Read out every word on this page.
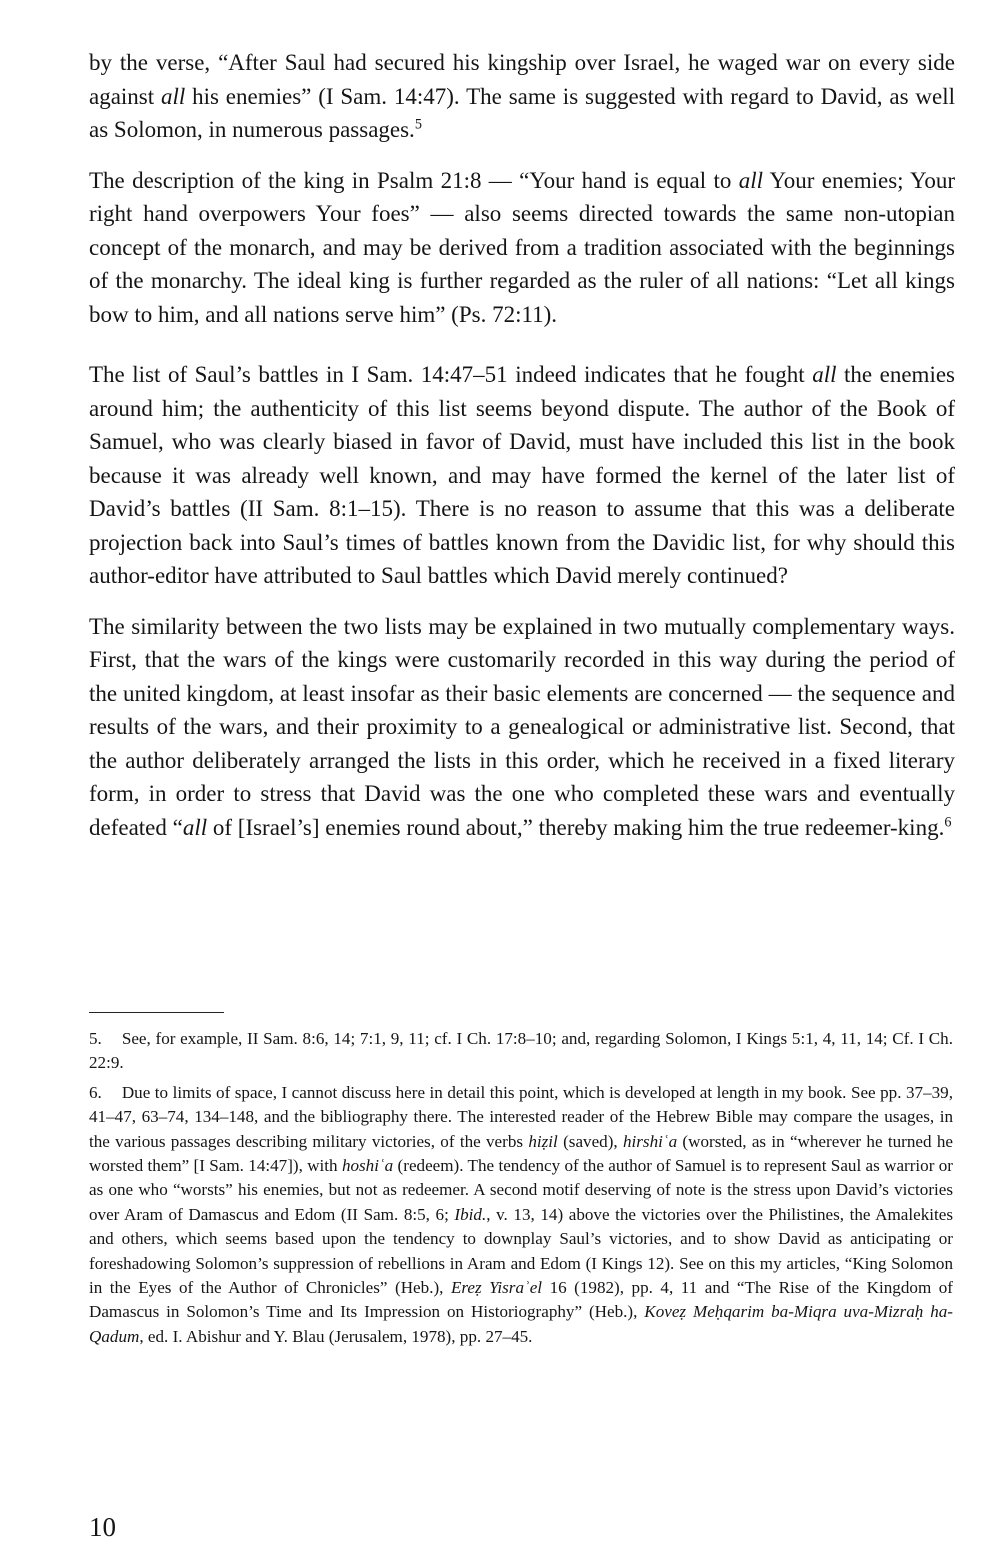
by the verse, “After Saul had secured his kingship over Israel, he waged war on every side against all his enemies” (I Sam. 14:47). The same is suggested with regard to David, as well as Solomon, in numerous passages.$^5$

The description of the king in Psalm 21:8 — “Your hand is equal to all Your enemies; Your right hand overpowers Your foes” — also seems directed towards the same non-utopian concept of the monarch, and may be derived from a tradition associated with the beginnings of the monarchy. The ideal king is further regarded as the ruler of all nations: “Let all kings bow to him, and all nations serve him” (Ps. 72:11).

The list of Saul’s battles in I Sam. 14:47–51 indeed indicates that he fought all the enemies around him; the authenticity of this list seems beyond dispute. The author of the Book of Samuel, who was clearly biased in favor of David, must have included this list in the book because it was already well known, and may have formed the kernel of the later list of David’s battles (II Sam. 8:1–15). There is no reason to assume that this was a deliberate projection back into Saul’s times of battles known from the Davidic list, for why should this author-editor have attributed to Saul battles which David merely continued?

The similarity between the two lists may be explained in two mutually complementary ways. First, that the wars of the kings were customarily recorded in this way during the period of the united kingdom, at least insofar as their basic elements are concerned — the sequence and results of the wars, and their proximity to a genealogical or administrative list. Second, that the author deliberately arranged the lists in this order, which he received in a fixed literary form, in order to stress that David was the one who completed these wars and eventually defeated “all of [Israel’s] enemies round about,” thereby making him the true redeemer-king.$^6$

5. See, for example, II Sam. 8:6, 14; 7:1, 9, 11; cf. I Ch. 17:8–10; and, regarding Solomon, I Kings 5:1, 4, 11, 14; Cf. I Ch. 22:9.

6. Due to limits of space, I cannot discuss here in detail this point, which is developed at length in my book. See pp. 37–39, 41–47, 63–74, 134–148, and the bibliography there. The interested reader of the Hebrew Bible may compare the usages, in the various passages describing military victories, of the verbs hiẓil (saved), hirshiʿa (worsted, as in “wherever he turned he worsted them” [I Sam. 14:47]), with hoshiʿa (redeem). The tendency of the author of Samuel is to represent Saul as warrior or as one who “worsts” his enemies, but not as redeemer. A second motif deserving of note is the stress upon David’s victories over Aram of Damascus and Edom (II Sam. 8:5, 6; Ibid., v. 13, 14) above the victories over the Philistines, the Amalekites and others, which seems based upon the tendency to downplay Saul’s victories, and to show David as anticipating or foreshadowing Solomon’s suppression of rebellions in Aram and Edom (I Kings 12). See on this my articles, “King Solomon in the Eyes of the Author of Chronicles” (Heb.), Ereẓ Yisraʾel 16 (1982), pp. 4, 11 and “The Rise of the Kingdom of Damascus in Solomon’s Time and Its Impression on Historiography” (Heb.), Koveẓ Meḥqarim ba-Miqra uva-Mizraḥ ha-Qadum, ed. I. Abishur and Y. Blau (Jerusalem, 1978), pp. 27–45.

10
